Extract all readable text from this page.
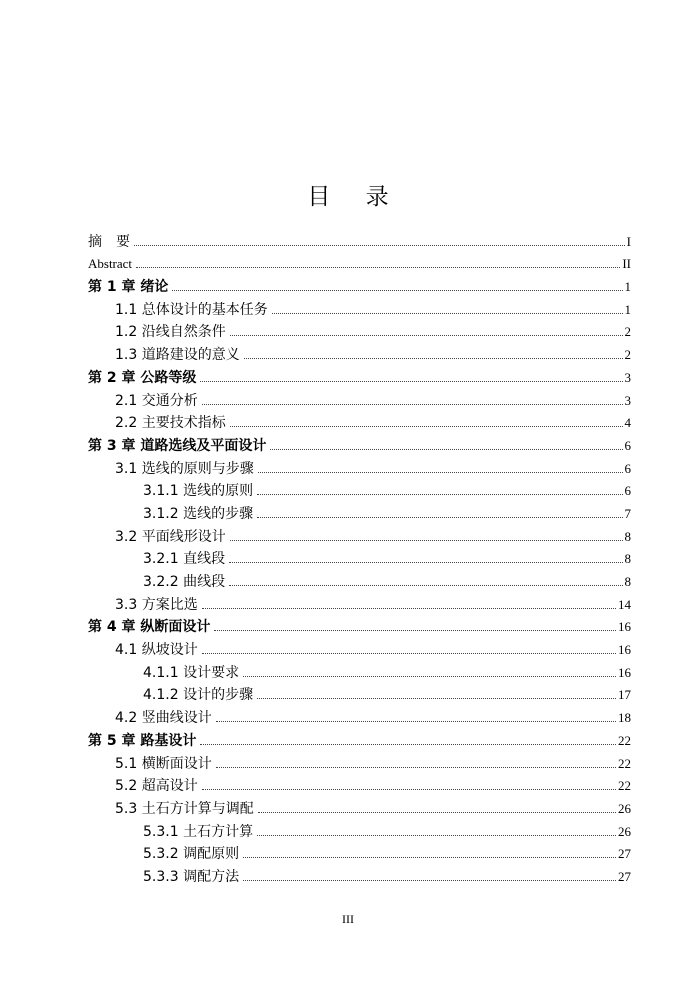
目 录
摘　要	I
Abstract	II
第 1 章 绪论	1
1.1 总体设计的基本任务	1
1.2 沿线自然条件	2
1.3 道路建设的意义	2
第 2 章 公路等级	3
2.1 交通分析	3
2.2 主要技术指标	4
第 3 章 道路选线及平面设计	6
3.1 选线的原则与步骤	6
3.1.1 选线的原则	6
3.1.2 选线的步骤	7
3.2 平面线形设计	8
3.2.1 直线段	8
3.2.2 曲线段	8
3.3 方案比选	14
第 4 章 纵断面设计	16
4.1 纵坡设计	16
4.1.1 设计要求	16
4.1.2 设计的步骤	17
4.2 竖曲线设计	18
第 5 章 路基设计	22
5.1 横断面设计	22
5.2 超高设计	22
5.3 土石方计算与调配	26
5.3.1 土石方计算	26
5.3.2 调配原则	27
5.3.3 调配方法	27
III
